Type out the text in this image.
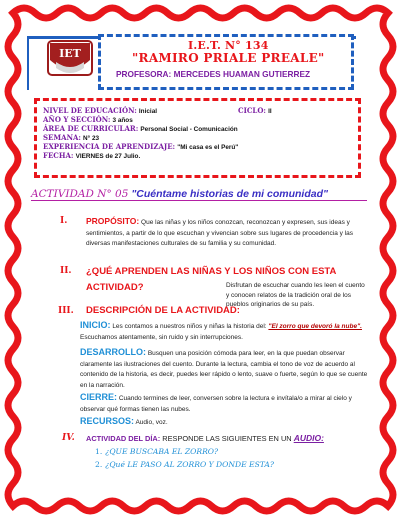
IET
I.E.T. N° 134
"RAMIRO PRIALE PREALE"
PROFESORA: MERCEDES HUAMAN GUTIERREZ
NIVEL DE EDUCACIÓN: Inicial	CICLO: II
AÑO Y SECCIÓN: 3 años
ÁREA DE CURRICULAR: Personal Social - Comunicación
SEMANA: N° 23
EXPERIENCIA DE APRENDIZAJE: "Mi casa es el Perú"
FECHA: VIERNES de 27 Julio.
ACTIVIDAD N° 05 "Cuéntame historias de mi comunidad"
I. PROPÓSITO: Que las niñas y los niños conozcan, reconozcan y expresen, sus ideas y sentimientos, a partir de lo que escuchan y vivencian sobre sus lugares de procedencia y las diversas manifestaciones culturales de su familia y su comunidad.
II. ¿QUÉ APRENDEN LAS NIÑAS Y LOS NIÑOS CON ESTA ACTIVIDAD?	Disfrutan de escuchar cuando les leen el cuento y conocen relatos de la tradición oral de los pueblos originarios de su país.
III. DESCRIPCIÓN DE LA ACTIVIDAD:
INICIO: Les contamos a nuestros niños y niñas la historia del: "El zorro que devoró la nube". Escuchamos atentamente, sin ruido y sin interrupciones.
DESARROLLO: Busquen una posición cómoda para leer, en la que puedan observar claramente las ilustraciones del cuento. Durante la lectura, cambia el tono de voz de acuerdo al contenido de la historia, es decir, puedes leer rápido o lento, suave o fuerte, según lo que se cuente en la narración.
CIERRE: Cuando termines de leer, conversen sobre la lectura e invítala/o a mirar al cielo y observar qué formas tienen las nubes.
RECURSOS: Audio, voz.
IV. ACTIVIDAD DEL DÍA: RESPONDE LAS SIGUIENTES EN UN AUDIO:
1. ¿QUE BUSCABA EL ZORRO?
2. ¿Qué LE PASO AL ZORRO Y DONDE ESTA?
